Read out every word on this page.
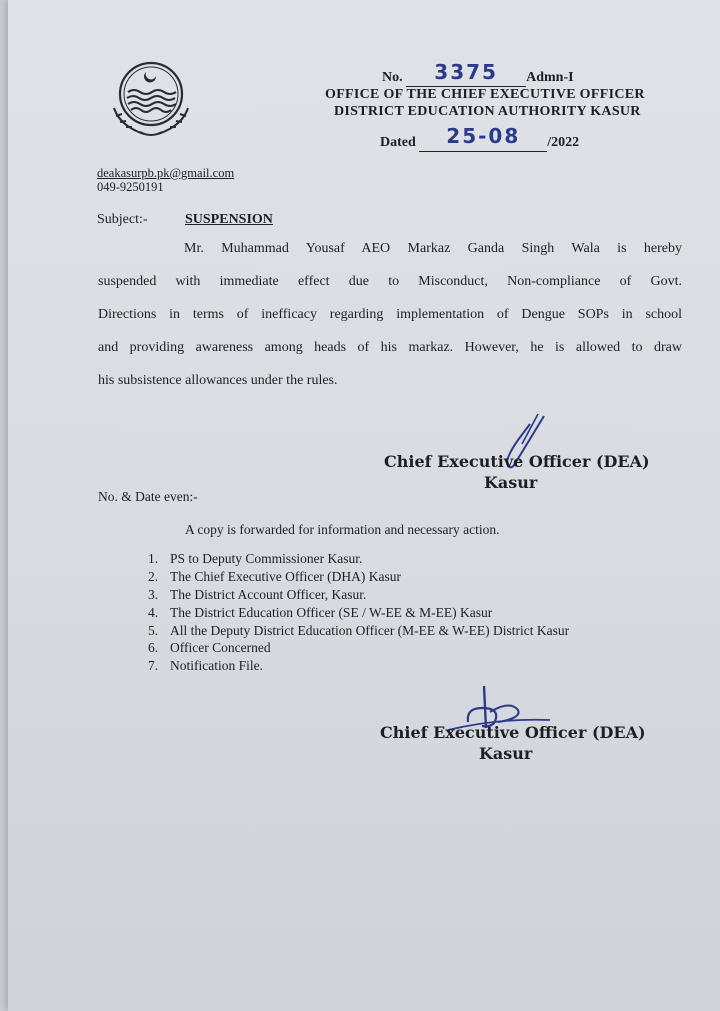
No. 3375 Admn-I
OFFICE OF THE CHIEF EXECUTIVE OFFICER
DISTRICT EDUCATION AUTHORITY KASUR
Dated 25-08 /2022
deakasurpb.pk@gmail.com
049-9250191
Subject:-	SUSPENSION
Mr. Muhammad Yousaf AEO Markaz Ganda Singh Wala is hereby
suspended with immediate effect due to Misconduct, Non-compliance of Govt.
Directions in terms of inefficacy regarding implementation of Dengue SOPs in school
and providing awareness among heads of his markaz. However, he is allowed to draw
his subsistence allowances under the rules.
Chief Executive Officer (DEA)
Kasur
No. & Date even:-
A copy is forwarded for information and necessary action.
1. PS to Deputy Commissioner Kasur.
2. The Chief Executive Officer (DHA) Kasur
3. The District Account Officer, Kasur.
4. The District Education Officer (SE / W-EE & M-EE) Kasur
5. All the Deputy District Education Officer (M-EE & W-EE) District Kasur
6. Officer Concerned
7. Notification File.
Chief Executive Officer (DEA)
Kasur
